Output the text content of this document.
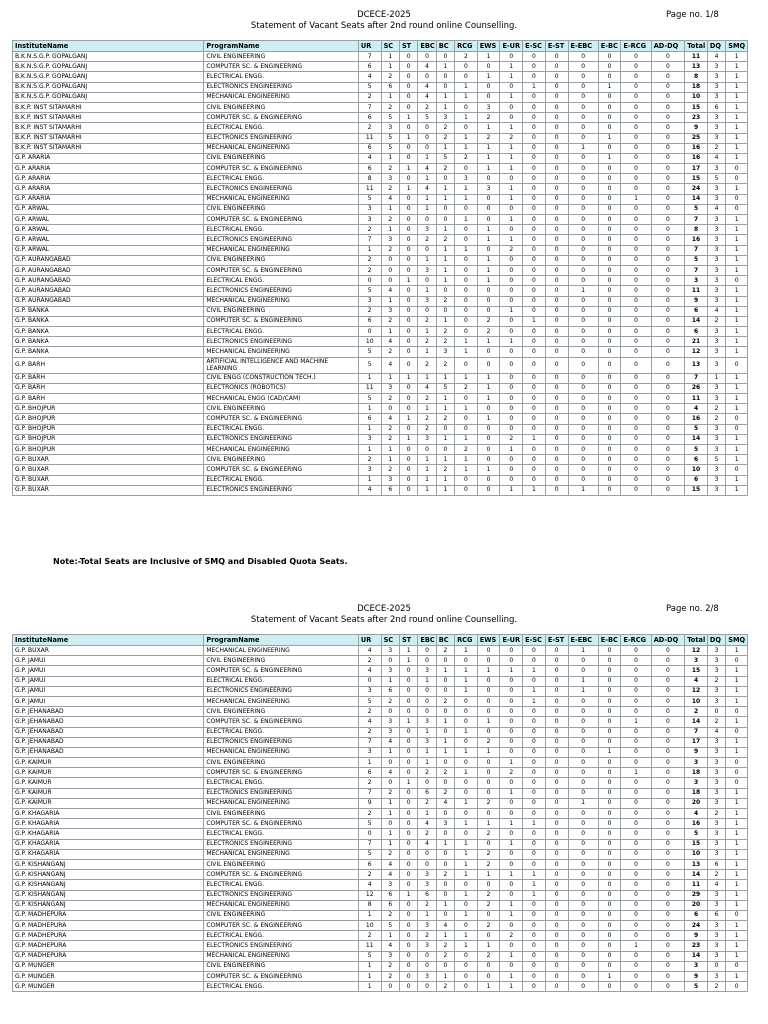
DCECE-2025
Statement of Vacant Seats after 2nd round online Counselling.
Page no. 1/8
InstituteName	ProgramName	UR	SC	ST	EBC	BC	RCG	EWS	E-UR	E-SC	E-ST	E-EBC	E-BC	E-RCG	AD-DQ	Total	DQ	SMQ
B.K.N.S.G.P. GOPALGANJ	CIVIL ENGINEERING	7	1	0	0	0	2	1	0	0	0	0	0	0	0	11	4	1
B.K.N.S.G.P. GOPALGANJ	COMPUTER SC. & ENGINEERING	6	1	0	4	1	0	0	1	0	0	0	0	0	0	13	3	1
B.K.N.S.G.P. GOPALGANJ	ELECTRICAL ENGG.	4	2	0	0	0	0	1	1	0	0	0	0	0	0	8	3	1
B.K.N.S.G.P. GOPALGANJ	ELECTRONICS ENGINEERING	5	6	0	4	0	1	0	0	1	0	0	1	0	0	18	3	1
B.K.N.S.G.P. GOPALGANJ	MECHANICAL ENGINEERING	2	1	0	4	1	1	0	1	0	0	0	0	0	0	10	3	1
B.K.P. INST SITAMARHI	CIVIL ENGINEERING	7	2	0	2	1	0	3	0	0	0	0	0	0	0	15	6	1
B.K.P. INST SITAMARHI	COMPUTER SC. & ENGINEERING	6	5	1	5	3	1	2	0	0	0	0	0	0	0	23	3	1
B.K.P. INST SITAMARHI	ELECTRICAL ENGG.	2	3	0	0	2	0	1	1	0	0	0	0	0	0	9	3	1
B.K.P. INST SITAMARHI	ELECTRONICS ENGINEERING	11	5	1	0	2	1	2	2	0	0	0	1	0	0	25	3	1
B.K.P. INST SITAMARHI	MECHANICAL ENGINEERING	6	5	0	0	1	1	1	1	0	0	1	0	0	0	16	2	1
G.P. ARARIA	CIVIL ENGINEERING	4	1	0	1	5	2	1	1	0	0	0	1	0	0	16	4	1
G.P. ARARIA	COMPUTER SC. & ENGINEERING	6	2	1	4	2	0	1	1	0	0	0	0	0	0	17	3	0
G.P. ARARIA	ELECTRICAL ENGG.	8	3	0	1	0	3	0	0	0	0	0	0	0	0	15	5	0
G.P. ARARIA	ELECTRONICS ENGINEERING	11	2	1	4	1	1	3	1	0	0	0	0	0	0	24	3	1
G.P. ARARIA	MECHANICAL ENGINEERING	5	4	0	1	1	1	0	1	0	0	0	0	1	0	14	3	0
G.P. ARWAL	CIVIL ENGINEERING	3	1	0	1	0	0	0	0	0	0	0	0	0	0	5	4	0
G.P. ARWAL	COMPUTER SC. & ENGINEERING	3	2	0	0	0	1	0	1	0	0	0	0	0	0	7	3	1
G.P. ARWAL	ELECTRICAL ENGG.	2	1	0	3	1	0	1	0	0	0	0	0	0	0	8	3	1
G.P. ARWAL	ELECTRONICS ENGINEERING	7	3	0	2	2	0	1	1	0	0	0	0	0	0	16	3	1
G.P. ARWAL	MECHANICAL ENGINEERING	1	2	0	0	1	1	0	2	0	0	0	0	0	0	7	3	1
G.P. AURANGABAD	CIVIL ENGINEERING	2	0	0	1	1	0	1	0	0	0	0	0	0	0	5	3	1
G.P. AURANGABAD	COMPUTER SC. & ENGINEERING	2	0	0	3	1	0	1	0	0	0	0	0	0	0	7	3	1
G.P. AURANGABAD	ELECTRICAL ENGG.	0	0	1	0	1	0	1	0	0	0	0	0	0	0	3	3	0
G.P. AURANGABAD	ELECTRONICS ENGINEERING	5	4	0	1	0	0	0	0	0	0	1	0	0	0	11	3	1
G.P. AURANGABAD	MECHANICAL ENGINEERING	3	1	0	3	2	0	0	0	0	0	0	0	0	0	9	3	1
G.P. BANKA	CIVIL ENGINEERING	2	3	0	0	0	0	0	1	0	0	0	0	0	0	6	4	1
G.P. BANKA	COMPUTER SC. & ENGINEERING	6	2	0	2	1	0	2	0	1	0	0	0	0	0	14	2	1
G.P. BANKA	ELECTRICAL ENGG.	0	1	0	1	2	0	2	0	0	0	0	0	0	0	6	3	1
G.P. BANKA	ELECTRONICS ENGINEERING	10	4	0	2	2	1	1	1	0	0	0	0	0	0	21	3	1
G.P. BANKA	MECHANICAL ENGINEERING	5	2	0	1	3	1	0	0	0	0	0	0	0	0	12	3	1
G.P. BARH	ARTIFICIAL INTELLIGENCE AND MACHINE LEARNING	5	4	0	2	2	0	0	0	0	0	0	0	0	0	13	3	0
G.P. BARH	CIVIL ENGG (CONSTRUCTION TECH.)	1	1	1	1	1	1	1	0	0	0	0	0	0	0	7	1	1
G.P. BARH	ELECTRONICS (ROBOTICS)	11	3	0	4	5	2	1	0	0	0	0	0	0	0	26	3	1
G.P. BARH	MECHANICAL ENGG (CAD/CAM)	5	2	0	2	1	0	1	0	0	0	0	0	0	0	11	3	1
G.P. BHOJPUR	CIVIL ENGINEERING	1	0	0	1	1	1	0	0	0	0	0	0	0	0	4	2	1
G.P. BHOJPUR	COMPUTER SC. & ENGINEERING	6	4	1	2	2	0	1	0	0	0	0	0	0	0	16	2	0
G.P. BHOJPUR	ELECTRICAL ENGG.	1	2	0	2	0	0	0	0	0	0	0	0	0	0	5	3	0
G.P. BHOJPUR	ELECTRONICS ENGINEERING	3	2	1	3	1	1	0	2	1	0	0	0	0	0	14	3	1
G.P. BHOJPUR	MECHANICAL ENGINEERING	1	1	0	0	0	2	0	1	0	0	0	0	0	0	5	3	1
G.P. BUXAR	CIVIL ENGINEERING	2	1	0	1	1	1	0	0	0	0	0	0	0	0	6	5	1
G.P. BUXAR	COMPUTER SC. & ENGINEERING	3	2	0	1	2	1	1	0	0	0	0	0	0	0	10	3	0
G.P. BUXAR	ELECTRICAL ENGG.	1	3	0	1	1	0	0	0	0	0	0	0	0	0	6	3	1
G.P. BUXAR	ELECTRONICS ENGINEERING	4	6	0	1	1	0	0	1	1	0	1	0	0	0	15	3	1
Note:-Total Seats are Inclusive of SMQ and Disabled Quota Seats.
DCECE-2025
Statement of Vacant Seats after 2nd round online Counselling.
Page no. 2/8
InstituteName	ProgramName	UR	SC	ST	EBC	BC	RCG	EWS	E-UR	E-SC	E-ST	E-EBC	E-BC	E-RCG	AD-DQ	Total	DQ	SMQ
G.P. BUXAR	MECHANICAL ENGINEERING	4	3	1	0	2	1	0	0	0	0	1	0	0	0	12	3	1
G.P. JAMUI	CIVIL ENGINEERING	2	0	1	0	0	0	0	0	0	0	0	0	0	0	3	3	0
G.P. JAMUI	COMPUTER SC. & ENGINEERING	4	3	0	3	1	1	1	1	1	0	0	0	0	0	15	3	1
G.P. JAMUI	ELECTRICAL ENGG.	0	1	0	1	0	1	0	0	0	0	1	0	0	0	4	2	1
G.P. JAMUI	ELECTRONICS ENGINEERING	3	6	0	0	0	1	0	0	1	0	1	0	0	0	12	3	1
G.P. JAMUI	MECHANICAL ENGINEERING	5	2	0	0	2	0	0	0	1	0	0	0	0	0	10	3	1
G.P. JEHANABAD	CIVIL ENGINEERING	2	0	0	0	0	0	0	0	0	0	0	0	0	0	2	0	0
G.P. JEHANABAD	COMPUTER SC. & ENGINEERING	4	3	1	3	1	0	1	0	0	0	0	0	1	0	14	2	1
G.P. JEHANABAD	ELECTRICAL ENGG.	2	3	0	1	0	1	0	0	0	0	0	0	0	0	7	4	0
G.P. JEHANABAD	ELECTRONICS ENGINEERING	7	4	0	3	1	0	2	0	0	0	0	0	0	0	17	3	1
G.P. JEHANABAD	MECHANICAL ENGINEERING	3	1	0	1	1	1	1	0	0	0	0	1	0	0	9	3	1
G.P. KAIMUR	CIVIL ENGINEERING	1	0	0	1	0	0	0	1	0	0	0	0	0	0	3	3	0
G.P. KAIMUR	COMPUTER SC. & ENGINEERING	6	4	0	2	2	1	0	2	0	0	0	0	1	0	18	3	0
G.P. KAIMUR	ELECTRICAL ENGG.	2	0	1	0	0	0	0	0	0	0	0	0	0	0	3	3	0
G.P. KAIMUR	ELECTRONICS ENGINEERING	7	2	0	6	2	0	0	1	0	0	0	0	0	0	18	3	1
G.P. KAIMUR	MECHANICAL ENGINEERING	9	1	0	2	4	1	2	0	0	0	1	0	0	0	20	3	1
G.P. KHAGARIA	CIVIL ENGINEERING	2	1	0	1	0	0	0	0	0	0	0	0	0	0	4	2	1
G.P. KHAGARIA	COMPUTER SC. & ENGINEERING	5	0	0	4	3	1	1	1	1	0	0	0	0	0	16	3	1
G.P. KHAGARIA	ELECTRICAL ENGG.	0	1	0	2	0	0	2	0	0	0	0	0	0	0	5	3	1
G.P. KHAGARIA	ELECTRONICS ENGINEERING	7	1	0	4	1	1	0	1	0	0	0	0	0	0	15	3	1
G.P. KHAGARIA	MECHANICAL ENGINEERING	5	2	0	0	0	1	2	0	0	0	0	0	0	0	10	3	1
G.P. KISHANGANJ	CIVIL ENGINEERING	6	4	0	0	0	1	2	0	0	0	0	0	0	0	13	6	1
G.P. KISHANGANJ	COMPUTER SC. & ENGINEERING	2	4	0	3	2	1	1	1	1	0	0	0	0	0	14	2	1
G.P. KISHANGANJ	ELECTRICAL ENGG.	4	3	0	3	0	0	0	0	1	0	0	0	0	0	11	4	1
G.P. KISHANGANJ	ELECTRONICS ENGINEERING	12	6	1	6	0	1	2	0	1	0	0	0	0	0	29	3	1
G.P. KISHANGANJ	MECHANICAL ENGINEERING	8	6	0	2	1	0	2	1	0	0	0	0	0	0	20	3	1
G.P. MADHEPURA	CIVIL ENGINEERING	1	2	0	1	0	1	0	1	0	0	0	0	0	0	6	6	0
G.P. MADHEPURA	COMPUTER SC. & ENGINEERING	10	5	0	3	4	0	2	0	0	0	0	0	0	0	24	3	1
G.P. MADHEPURA	ELECTRICAL ENGG.	2	1	0	2	1	1	0	2	0	0	0	0	0	0	9	3	1
G.P. MADHEPURA	ELECTRONICS ENGINEERING	11	4	0	3	2	1	1	0	0	0	0	0	1	0	23	3	1
G.P. MADHEPURA	MECHANICAL ENGINEERING	5	3	0	0	2	0	2	1	0	0	0	0	0	0	14	3	1
G.P. MUNGER	CIVIL ENGINEERING	1	2	0	0	0	0	0	0	0	0	0	0	0	0	3	0	0
G.P. MUNGER	COMPUTER SC. & ENGINEERING	1	2	0	3	1	0	0	1	0	0	0	1	0	0	9	3	1
G.P. MUNGER	ELECTRICAL ENGG.	1	0	0	0	2	0	1	1	0	0	0	0	0	0	5	2	0
